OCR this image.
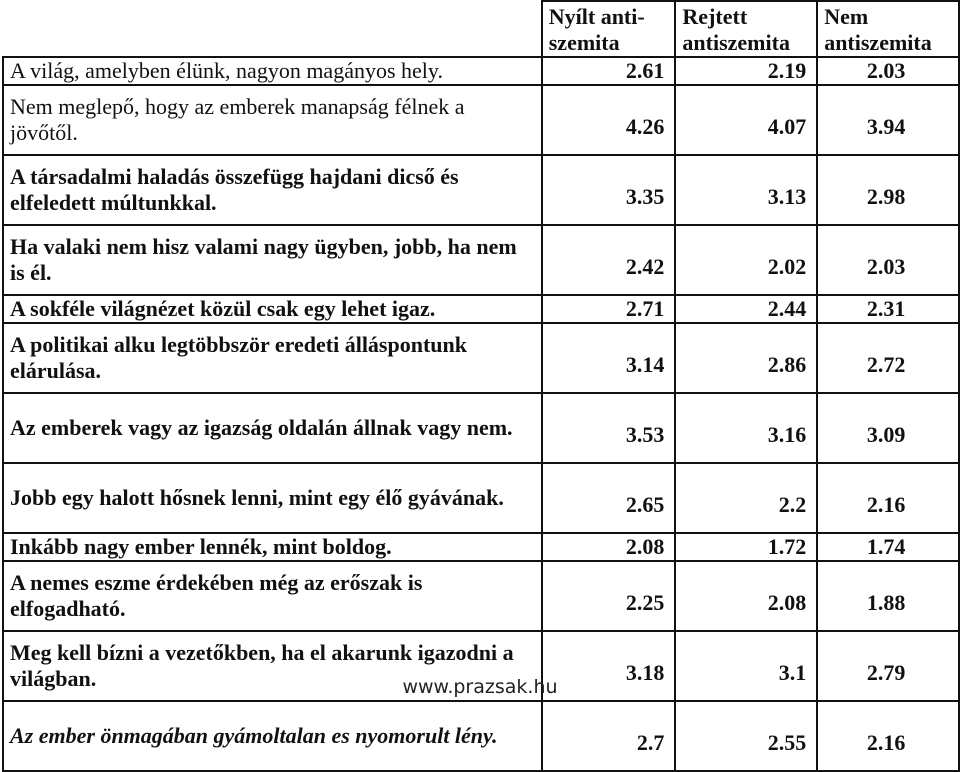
	Nyílt anti-szemita	Rejtett antiszemita	Nem antiszemita
A világ, amelyben élünk, nagyon magányos hely.	2.61	2.19	2.03
Nem meglepő, hogy az emberek manapság félnek a jövőtől.	4.26	4.07	3.94
A társadalmi haladás összefügg hajdani dicső és elfeledett múltunkkal.	3.35	3.13	2.98
Ha valaki nem hisz valami nagy ügyben, jobb, ha nem is él.	2.42	2.02	2.03
A sokféle világnézet közül csak egy lehet igaz.	2.71	2.44	2.31
A politikai alku legtöbbször eredeti álláspontunk elárulása.	3.14	2.86	2.72
Az emberek vagy az igazság oldalán állnak vagy nem.	3.53	3.16	3.09
Jobb egy halott hősnek lenni, mint egy élő gyávának.	2.65	2.2	2.16
Inkább nagy ember lennék, mint boldog.	2.08	1.72	1.74
A nemes eszme érdekében még az erőszak is elfogadható.	2.25	2.08	1.88
Meg kell bízni a vezetőkben, ha el akarunk igazodni a világban.	3.18	3.1	2.79
Az ember önmagában gyámoltalan es nyomorult lény.	2.7	2.55	2.16
www.prazsak.hu
